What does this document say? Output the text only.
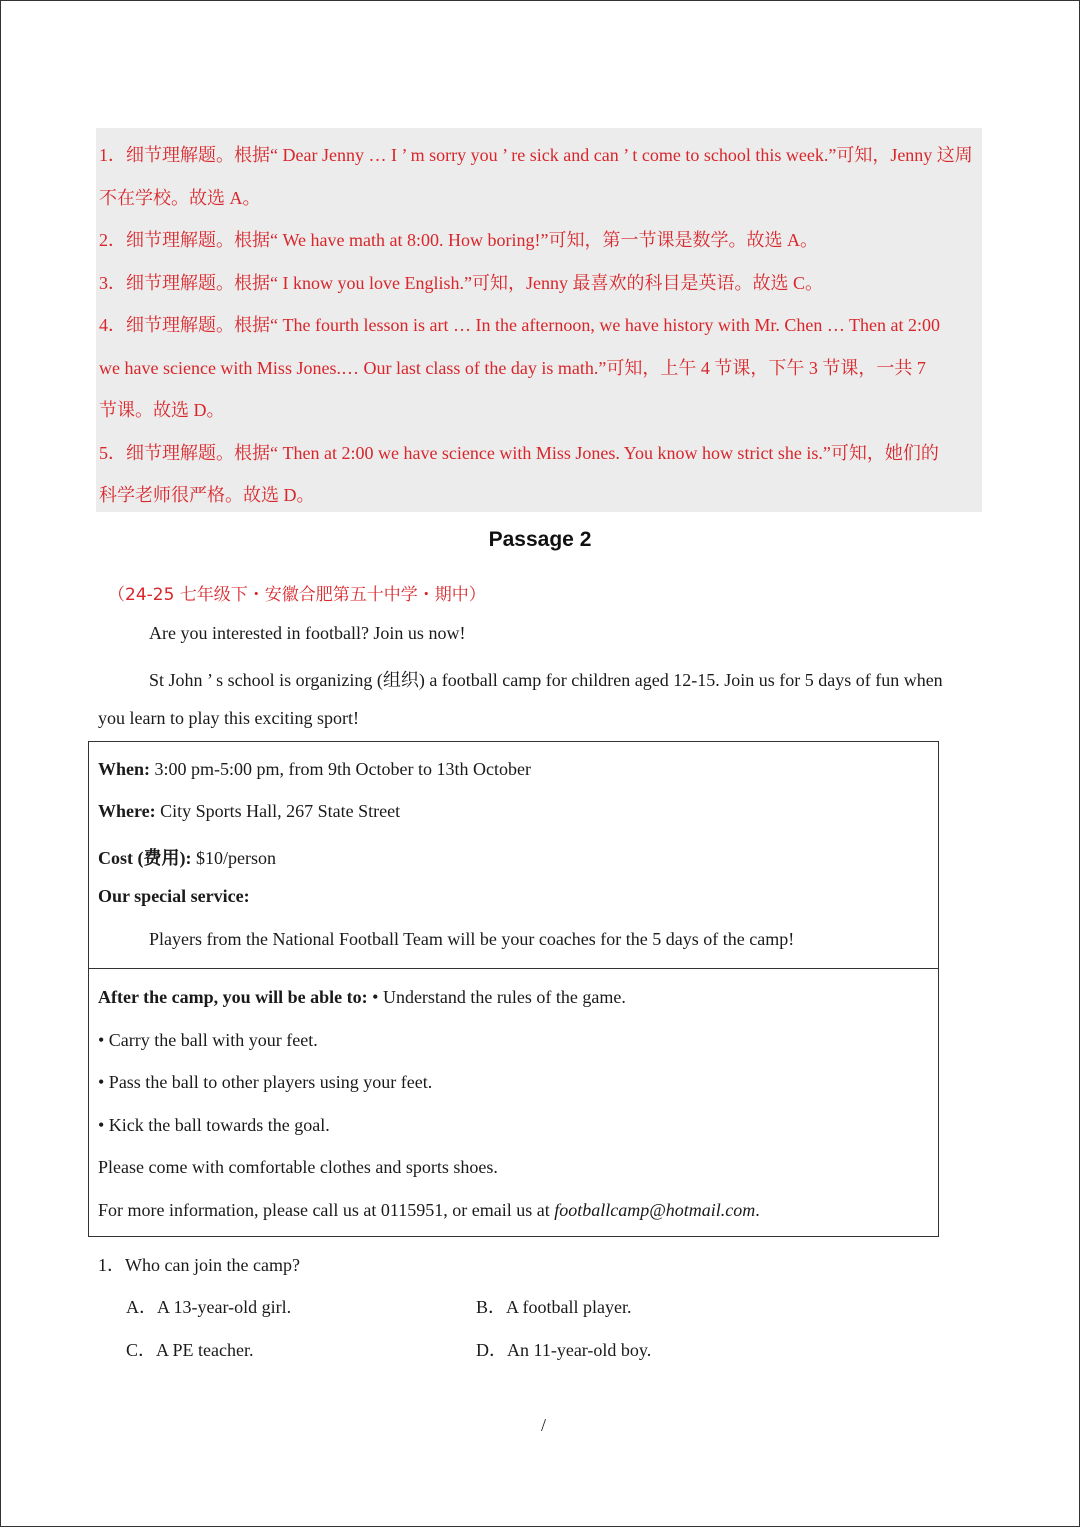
1．细节理解题。根据“ Dear Jenny … I ’ m sorry you ’ re sick and can ’ t come to school this week.”可知，Jenny 这周
不在学校。故选 A。
2．细节理解题。根据“ We have math at 8:00. How boring!”可知，第一节课是数学。故选 A。
3．细节理解题。根据“ I know you love English.”可知，Jenny 最喜欢的科目是英语。故选 C。
4．细节理解题。根据“ The fourth lesson is art … In the afternoon, we have history with Mr. Chen … Then at 2:00
we have science with Miss Jones.… Our last class of the day is math.”可知，上午 4 节课，下午 3 节课，一共 7
节课。故选 D。
5．细节理解题。根据“ Then at 2:00 we have science with Miss Jones. You know how strict she is.”可知，她们的
科学老师很严格。故选 D。
Passage 2
（24-25 七年级下・安徽合肥第五十中学・期中）
Are you interested in football? Join us now!
St John ’ s school is organizing (组织) a football camp for children aged 12-15. Join us for 5 days of fun when
you learn to play this exciting sport!
When: 3:00 pm-5:00 pm, from 9th October to 13th October
Where: City Sports Hall, 267 State Street
Cost (费用): $10/person
Our special service:
Players from the National Football Team will be your coaches for the 5 days of the camp!
After the camp, you will be able to: • Understand the rules of the game.
• Carry the ball with your feet.
• Pass the ball to other players using your feet.
• Kick the ball towards the goal.
Please come with comfortable clothes and sports shoes.
For more information, please call us at 0115951, or email us at footballcamp@hotmail.com.
1．Who can join the camp?
A．A 13-year-old girl.	B．A football player.
C．A PE teacher.	D．An 11-year-old boy.
/
